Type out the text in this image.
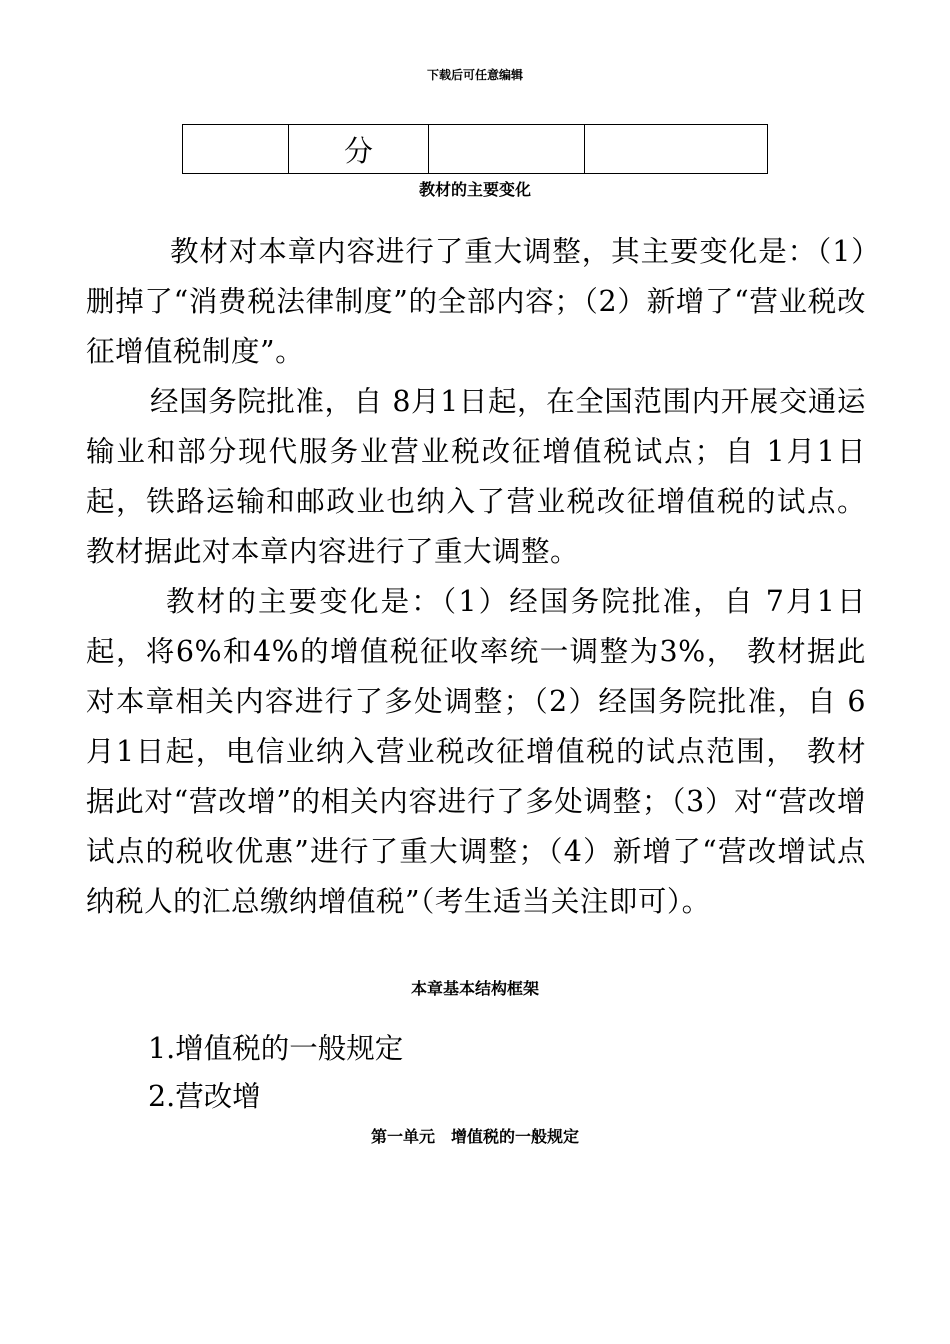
下载后可任意编辑
	分		
教材的主要变化
教材对本章内容进行了重大调整，其主要变化是：（1）删掉了“消费税法律制度”的全部内容；（2）新增了“营业税改征增值税制度”。
经国务院批准，自 8月1日起，在全国范围内开展交通运输业和部分现代服务业营业税改征增值税试点；自 1月1日起，铁路运输和邮政业也纳入了营业税改征增值税的试点。 教材据此对本章内容进行了重大调整。
教材的主要变化是：（1）经国务院批准，自 7月1日起，将6%和4%的增值税征收率统一调整为3%， 教材据此对本章相关内容进行了多处调整；（2）经国务院批准，自 6月1日起，电信业纳入营业税改征增值税的试点范围， 教材据此对“营改增”的相关内容进行了多处调整；（3）对“营改增试点的税收优惠”进行了重大调整；（4）新增了“营改增试点纳税人的汇总缴纳增值税”（考生适当关注即可）。
本章基本结构框架
1.增值税的一般规定
2.营改增
第一单元　增值税的一般规定
